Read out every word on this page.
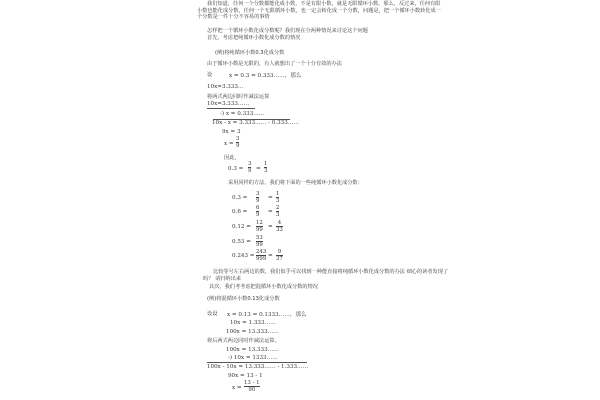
我们知道，任何一个分数都能化成小数，不是有限小数，就是无限循环小数。那么，反过来，任何有限小数也能化成分数，任何一个无限循环小数，也一定会转化成一个分数，问题是，把一个循环小数转化成一个分数是一件十分不容易的事情
怎样把一个循环小数化成分数呢？我们现在分两种情况来讨论这个问题
首先，考虑把纯循环小数化成分数的情况
(例)将纯循环小数0.3化成分数
由于循环小数是无限的，有人就想出了一个十分有效的办法
设	x = 0.3 = 0.333……，那么
10x=3.333…
将两式两边同时作减法运算
10x=3.333……
-) x = 0.333……
10x - x = 3.333…… - 0.333……
9x = 3
x =
3
9
因此，
0.3 =
3
9 =
1
3
采用同样的方法，我们将下面的一些纯循环小数化成分数：
0.3 =
3
9 =
1
3
0.6 =
6
9 =
2
3
0.12 =
12
99 =
4
33
0.53 =
53
99
0.243 =
243
999 =
9
37
比较等号左右两边的数，我们似乎可以找到一种能直接将纯循环小数化成分数的办法 细心的读者发现了吗？ 请归纳出来
其次，我们考考虑把混循环小数化成分数的情况
(例)将混循环小数0.13化成分数
设设 x = 0.13 = 0.1333……，那么
10x = 1.333……
100x = 13.333……
将后两式两边同时作减法运算。
100x = 13.333……
-) 10x = 1333……
100x - 10x = 13.333…… - 1.333……
90x = 13 - 1
x =
13 - 1
90
